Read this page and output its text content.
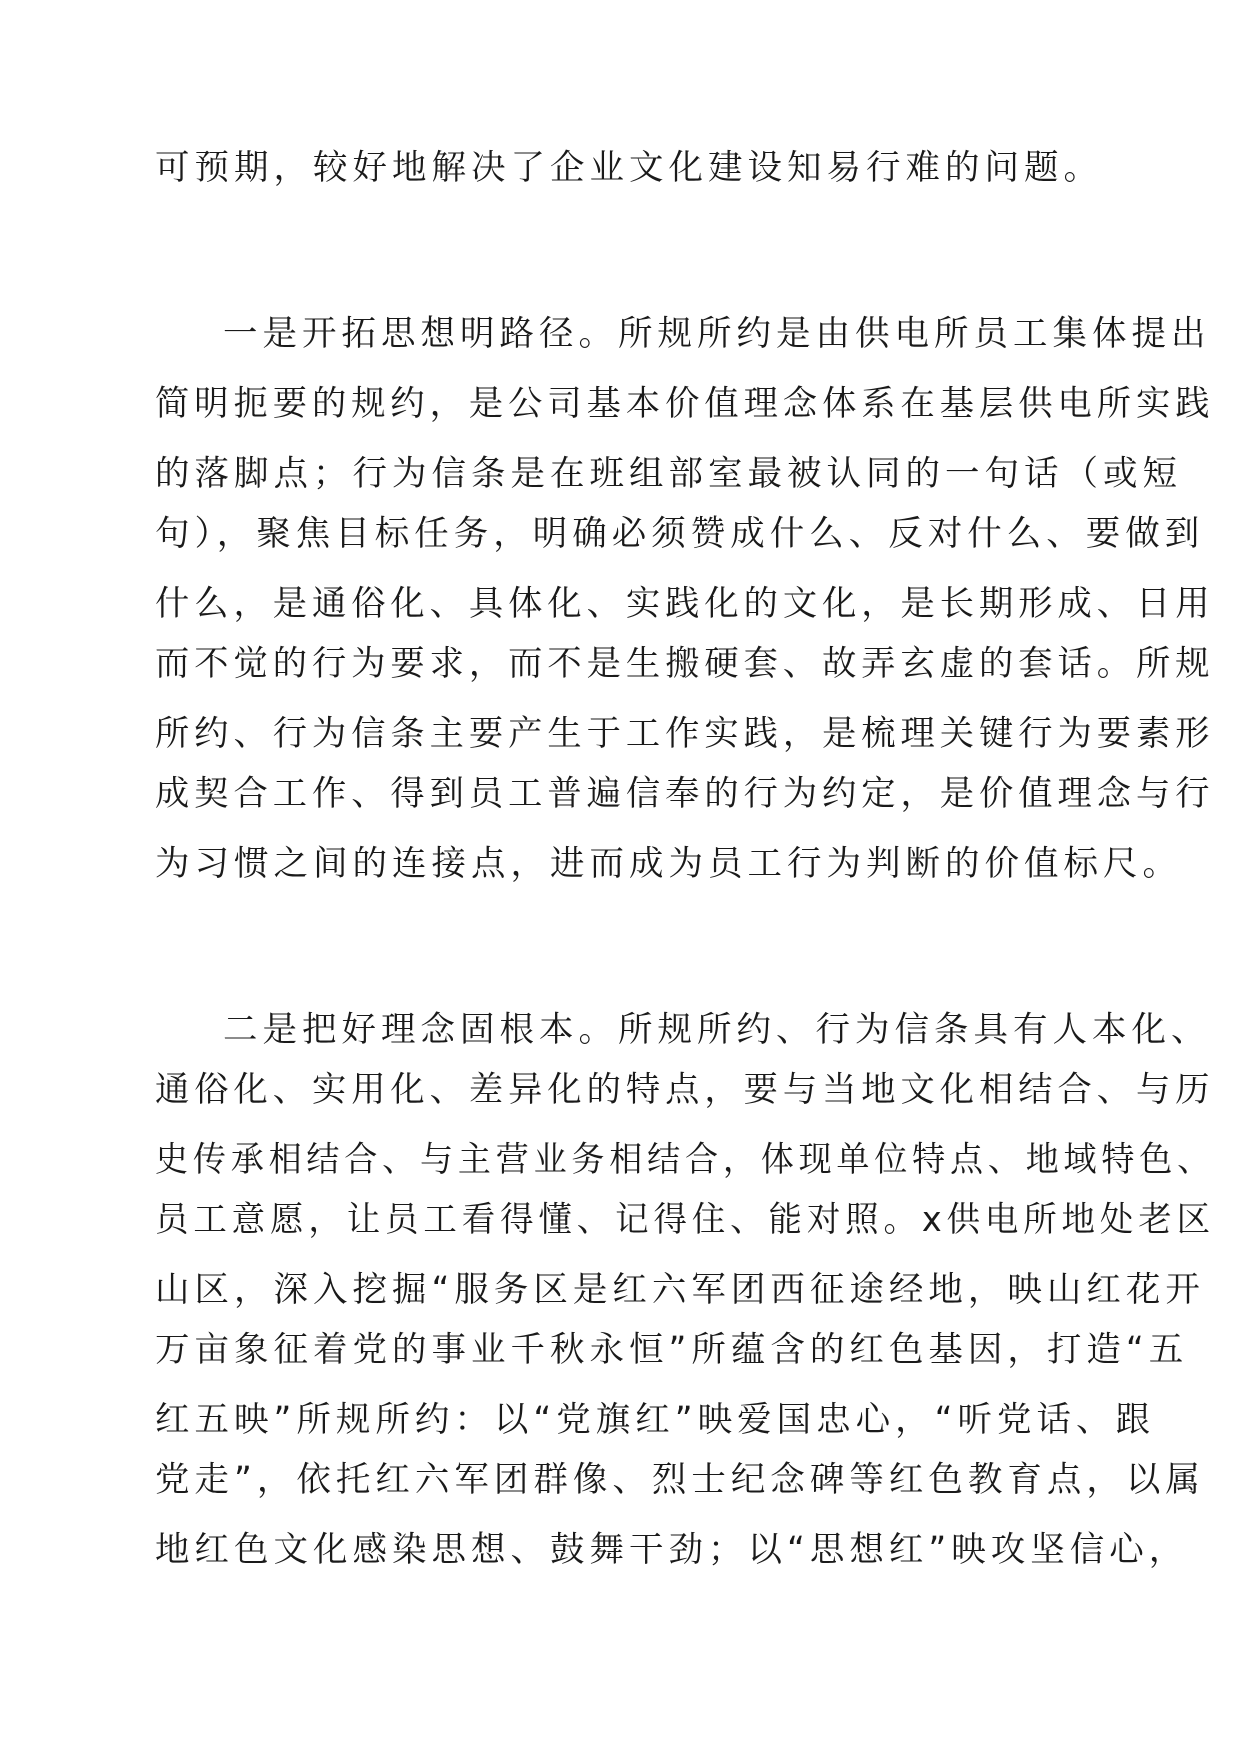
可预期，较好地解决了企业文化建设知易行难的问题。
一是开拓思想明路径。所规所约是由供电所员工集体提出
简明扼要的规约，是公司基本价值理念体系在基层供电所实践
的落脚点；行为信条是在班组部室最被认同的一句话（或短
句），聚焦目标任务，明确必须赞成什么、反对什么、要做到
什么，是通俗化、具体化、实践化的文化，是长期形成、日用
而不觉的行为要求，而不是生搬硬套、故弄玄虚的套话。所规
所约、行为信条主要产生于工作实践，是梳理关键行为要素形
成契合工作、得到员工普遍信奉的行为约定，是价值理念与行
为习惯之间的连接点，进而成为员工行为判断的价值标尺。
二是把好理念固根本。所规所约、行为信条具有人本化、
通俗化、实用化、差异化的特点，要与当地文化相结合、与历
史传承相结合、与主营业务相结合，体现单位特点、地域特色、
员工意愿，让员工看得懂、记得住、能对照。x供电所地处老区
山区，深入挖掘“服务区是红六军团西征途经地，映山红花开
万亩象征着党的事业千秋永恒”所蕴含的红色基因，打造“五
红五映”所规所约：以“党旗红”映爱国忠心，“听党话、跟
党走”，依托红六军团群像、烈士纪念碑等红色教育点，以属
地红色文化感染思想、鼓舞干劲；以“思想红”映攻坚信心，
